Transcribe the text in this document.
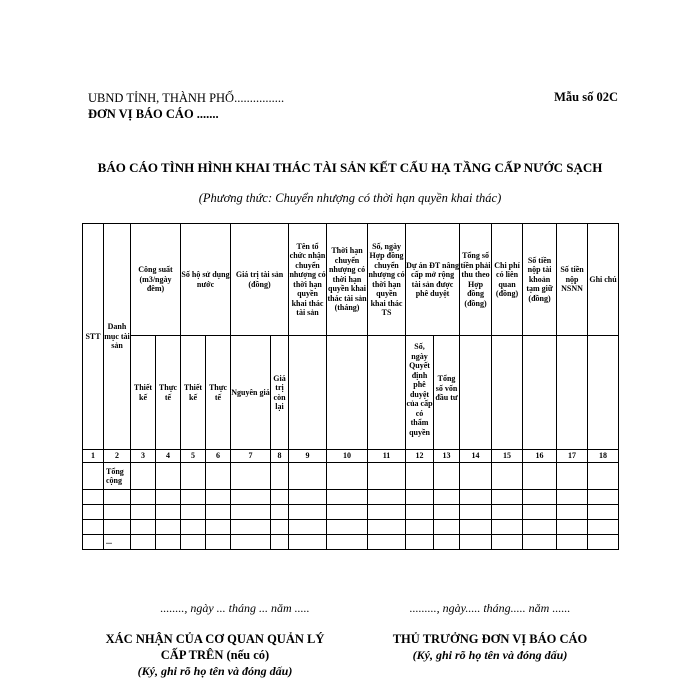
UBND TỈNH, THÀNH PHỐ................
ĐƠN VỊ BÁO CÁO .......
Mẫu số 02C
BÁO CÁO TÌNH HÌNH KHAI THÁC TÀI SẢN KẾT CẤU HẠ TẦNG CẤP NƯỚC SẠCH
(Phương thức: Chuyển nhượng có thời hạn quyền khai thác)
STT	Danh mục tài sản	Công suất (m3/ngày đêm)		Số hộ sử dụng nước		Giá trị tài sản (đồng)		Tên tổ chức nhận chuyển nhượng có thời hạn quyền khai thác tài sản	Thời hạn chuyển nhượng có thời hạn quyền khai thác tài sản (tháng)	Số, ngày Hợp đồng chuyển nhượng có thời hạn quyền khai thác TS	Dự án ĐT nâng cấp mở rộng tài sản được phê duyệt		Tổng số tiền phải thu theo Hợp đồng (đồng)	Chi phí có liên quan (đồng)	Số tiền nộp tài khoản tạm giữ (đồng)	Số tiền nộp NSNN	Ghi chú
		Thiết kế	Thực tế	Thiết kế	Thực tế	Nguyên giá	Giá trị còn lại				Số, ngày Quyết định phê duyệt của cấp có thẩm quyền	Tổng số vốn đầu tư					
1	2	3	4	5	6	7	8	9	10	11	12	13	14	15	16	17	18
	Tổng cộng																

	...																
........, ngày ... tháng ... năm .....	........., ngày..... tháng..... năm ......
XÁC NHẬN CỦA CƠ QUAN QUẢN LÝ
CẤP TRÊN (nếu có)
(Ký, ghi rõ họ tên và đóng dấu)
THỦ TRƯỞNG ĐƠN VỊ BÁO CÁO
(Ký, ghi rõ họ tên và đóng dấu)
